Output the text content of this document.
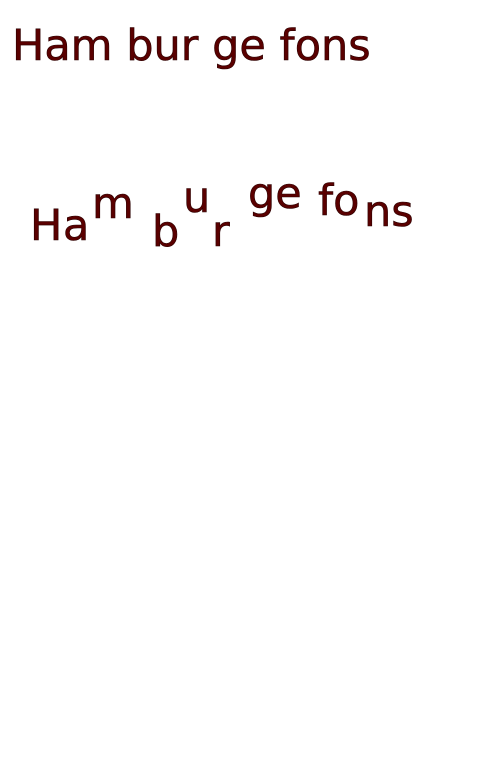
Ham bur ge fons
H a m
b
u
r
ge fo ns
